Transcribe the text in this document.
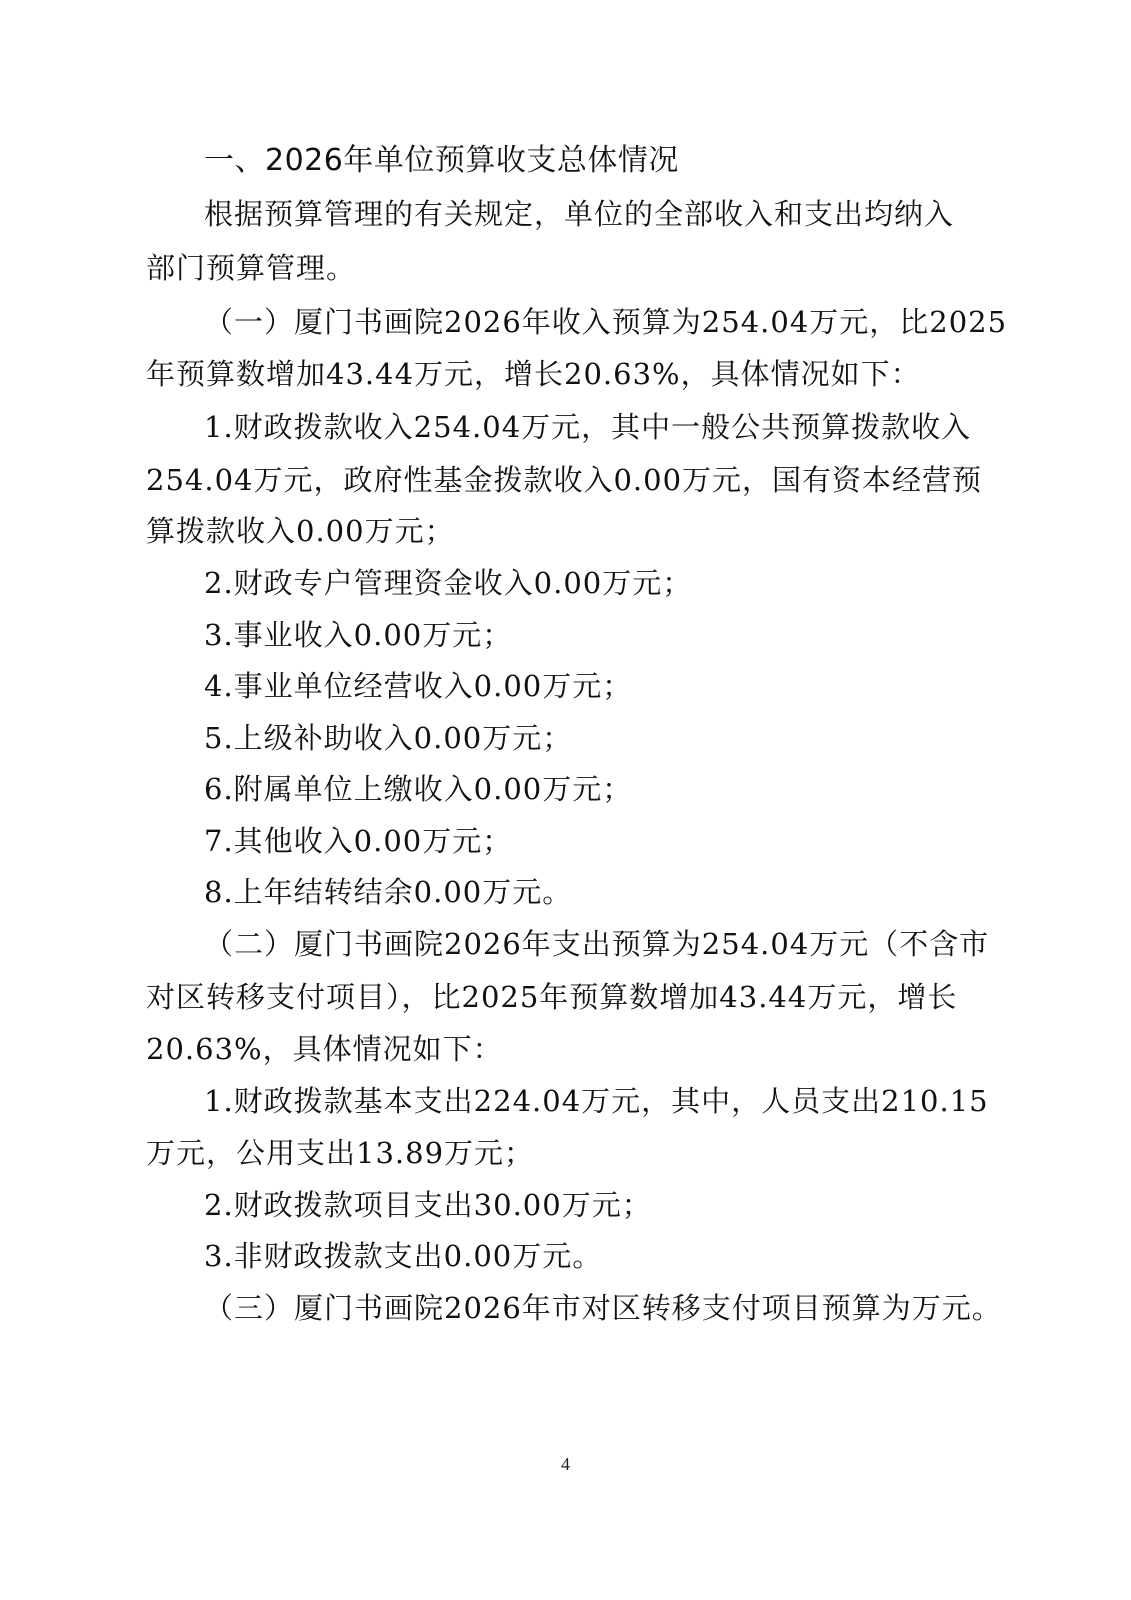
一、2026年单位预算收支总体情况
根据预算管理的有关规定，单位的全部收入和支出均纳入
部门预算管理。
（一）厦门书画院2026年收入预算为254.04万元，比2025
年预算数增加43.44万元，增长20.63%，具体情况如下：
1.财政拨款收入254.04万元，其中一般公共预算拨款收入
254.04万元，政府性基金拨款收入0.00万元，国有资本经营预
算拨款收入0.00万元；
2.财政专户管理资金收入0.00万元；
3.事业收入0.00万元；
4.事业单位经营收入0.00万元；
5.上级补助收入0.00万元；
6.附属单位上缴收入0.00万元；
7.其他收入0.00万元；
8.上年结转结余0.00万元。
（二）厦门书画院2026年支出预算为254.04万元（不含市
对区转移支付项目），比2025年预算数增加43.44万元，增长
20.63%，具体情况如下：
1.财政拨款基本支出224.04万元，其中，人员支出210.15
万元，公用支出13.89万元；
2.财政拨款项目支出30.00万元；
3.非财政拨款支出0.00万元。
（三）厦门书画院2026年市对区转移支付项目预算为万元。
4
